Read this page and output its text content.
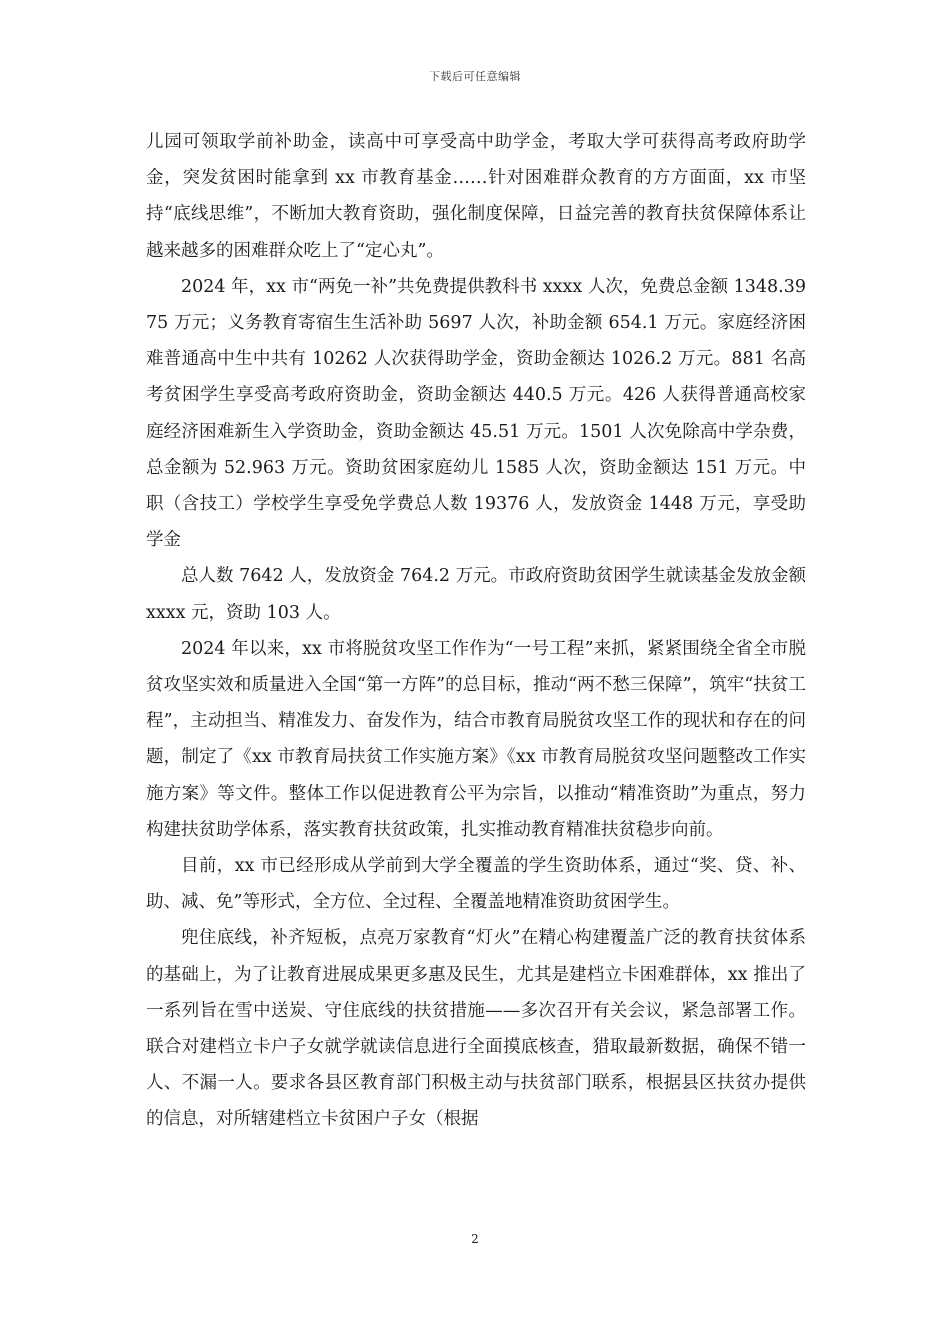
下载后可任意编辑

儿园可领取学前补助金，读高中可享受高中助学金，考取大学可获得高考政府助学金，突发贫困时能拿到 xx 市教育基金……针对困难群众教育的方方面面，xx 市坚持“底线思维”，不断加大教育资助，强化制度保障，日益完善的教育扶贫保障体系让越来越多的困难群众吃上了“定心丸”。

2024 年，xx 市“两免一补”共免费提供教科书 xxxx 人次，免费总金额 1348.3975 万元；义务教育寄宿生生活补助 5697 人次，补助金额 654.1 万元。家庭经济困难普通高中生中共有 10262 人次获得助学金，资助金额达 1026.2 万元。881 名高考贫困学生享受高考政府资助金，资助金额达 440.5 万元。426 人获得普通高校家庭经济困难新生入学资助金，资助金额达 45.51 万元。1501 人次免除高中学杂费，总金额为 52.963 万元。资助贫困家庭幼儿 1585 人次，资助金额达 151 万元。中职（含技工）学校学生享受免学费总人数 19376 人，发放资金 1448 万元，享受助学金

总人数 7642 人，发放资金 764.2 万元。市政府资助贫困学生就读基金发放金额 xxxx 元，资助 103 人。

2024 年以来，xx 市将脱贫攻坚工作作为“一号工程”来抓，紧紧围绕全省全市脱贫攻坚实效和质量进入全国“第一方阵”的总目标，推动“两不愁三保障”，筑牢“扶贫工程”，主动担当、精准发力、奋发作为，结合市教育局脱贫攻坚工作的现状和存在的问题，制定了《xx 市教育局扶贫工作实施方案》《xx 市教育局脱贫攻坚问题整改工作实施方案》等文件。整体工作以促进教育公平为宗旨，以推动“精准资助”为重点，努力构建扶贫助学体系，落实教育扶贫政策，扎实推动教育精准扶贫稳步向前。

目前，xx 市已经形成从学前到大学全覆盖的学生资助体系，通过“奖、贷、补、助、减、免”等形式，全方位、全过程、全覆盖地精准资助贫困学生。

兜住底线，补齐短板，点亮万家教育“灯火”在精心构建覆盖广泛的教育扶贫体系的基础上，为了让教育进展成果更多惠及民生，尤其是建档立卡困难群体，xx 推出了一系列旨在雪中送炭、守住底线的扶贫措施——多次召开有关会议，紧急部署工作。联合对建档立卡户子女就学就读信息进行全面摸底核查，猎取最新数据，确保不错一人、不漏一人。要求各县区教育部门积极主动与扶贫部门联系，根据县区扶贫办提供的信息，对所辖建档立卡贫困户子女（根据

2
